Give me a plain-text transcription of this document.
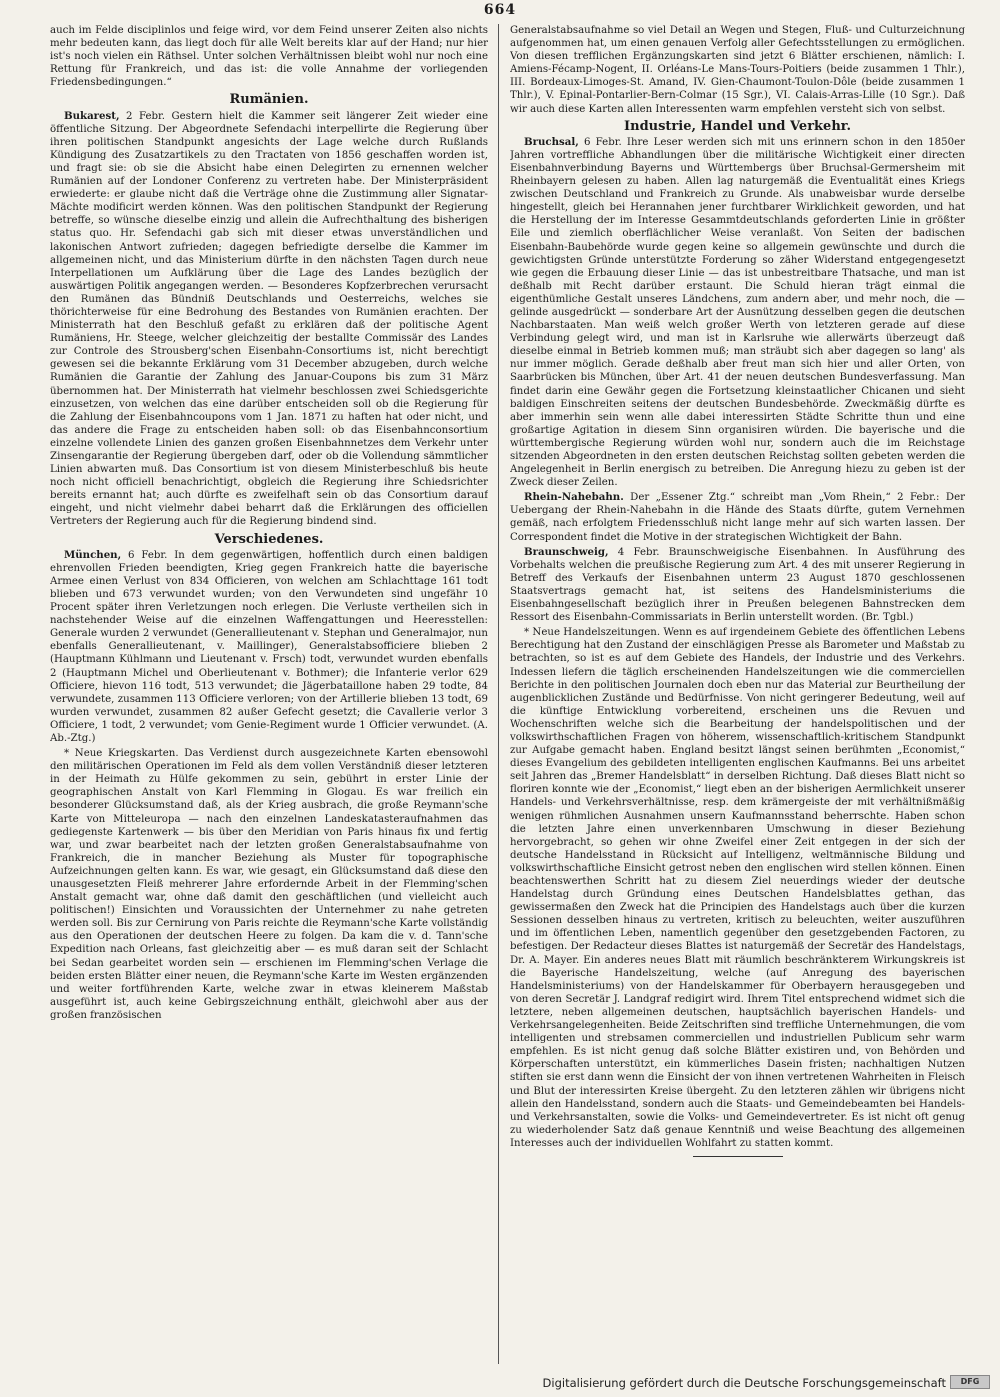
664

auch im Felde disciplinlos und feige wird, vor dem Feind unserer Zeiten also nichts mehr bedeuten kann, das liegt doch für alle Welt bereits klar auf der Hand; nur hier ist's noch vielen ein Räthsel. Unter solchen Verhältnissen bleibt wohl nur noch eine Rettung für Frankreich, und das ist: die volle Annahme der vorliegenden Friedensbedingungen.“

Rumänien.

Bukarest, 2 Febr. Gestern hielt die Kammer seit längerer Zeit wieder eine öffentliche Sitzung. Der Abgeordnete Sefendachi interpellirte die Regierung über ihren politischen Standpunkt angesichts der Lage welche durch Rußlands Kündigung des Zusatzartikels zu den Tractaten von 1856 geschaffen worden ist, und fragt sie: ob sie die Absicht habe einen Delegirten zu ernennen welcher Rumänien auf der Londoner Conferenz zu vertreten habe. Der Ministerpräsident erwiederte: er glaube nicht daß die Verträge ohne die Zustimmung aller Signatar-Mächte modificirt werden können. Was den politischen Standpunkt der Regierung betreffe, so wünsche dieselbe einzig und allein die Aufrechthaltung des bisherigen status quo. Hr. Sefendachi gab sich mit dieser etwas unverständlichen und lakonischen Antwort zufrieden; dagegen befriedigte derselbe die Kammer im allgemeinen nicht, und das Ministerium dürfte in den nächsten Tagen durch neue Interpellationen um Aufklärung über die Lage des Landes bezüglich der auswärtigen Politik angegangen werden. — Besonderes Kopfzerbrechen verursacht den Rumänen das Bündniß Deutschlands und Oesterreichs, welches sie thörichterweise für eine Bedrohung des Bestandes von Rumänien erachten. Der Ministerrath hat den Beschluß gefaßt zu erklären daß der politische Agent Rumäniens, Hr. Steege, welcher gleichzeitig der bestallte Commissär des Landes zur Controle des Strousberg'schen Eisenbahn-Consortiums ist, nicht berechtigt gewesen sei die bekannte Erklärung vom 31 December abzugeben, durch welche Rumänien die Garantie der Zahlung des Januar-Coupons bis zum 31 März übernommen hat. Der Ministerrath hat vielmehr beschlossen zwei Schiedsgerichte einzusetzen, von welchen das eine darüber entscheiden soll ob die Regierung für die Zahlung der Eisenbahncoupons vom 1 Jan. 1871 zu haften hat oder nicht, und das andere die Frage zu entscheiden haben soll: ob das Eisenbahnconsortium einzelne vollendete Linien des ganzen großen Eisenbahnnetzes dem Verkehr unter Zinsengarantie der Regierung übergeben darf, oder ob die Vollendung sämmtlicher Linien abwarten muß. Das Consortium ist von diesem Ministerbeschluß bis heute noch nicht officiell benachrichtigt, obgleich die Regierung ihre Schiedsrichter bereits ernannt hat; auch dürfte es zweifelhaft sein ob das Consortium darauf eingeht, und nicht vielmehr dabei beharrt daß die Erklärungen des officiellen Vertreters der Regierung auch für die Regierung bindend sind.

Verschiedenes.

München, 6 Febr. In dem gegenwärtigen, hoffentlich durch einen baldigen ehrenvollen Frieden beendigten, Krieg gegen Frankreich hatte die bayerische Armee einen Verlust von 834 Officieren, von welchen am Schlachttage 161 todt blieben und 673 verwundet wurden; von den Verwundeten sind ungefähr 10 Procent später ihren Verletzungen noch erlegen. Die Verluste vertheilen sich in nachstehender Weise auf die einzelnen Waffengattungen und Heeresstellen: Generale wurden 2 verwundet (Generallieutenant v. Stephan und Generalmajor, nun ebenfalls Generallieutenant, v. Maillinger), Generalstabsofficiere blieben 2 (Hauptmann Kühlmann und Lieutenant v. Frsch) todt, verwundet wurden ebenfalls 2 (Hauptmann Michel und Oberlieutenant v. Bothmer); die Infanterie verlor 629 Officiere, hievon 116 todt, 513 verwundet; die Jägerbataillone haben 29 todte, 84 verwundete, zusammen 113 Officiere verloren; von der Artillerie blieben 13 todt, 69 wurden verwundet, zusammen 82 außer Gefecht gesetzt; die Cavallerie verlor 3 Officiere, 1 todt, 2 verwundet; vom Genie-Regiment wurde 1 Officier verwundet. (A. Ab.-Ztg.)

* Neue Kriegskarten. Das Verdienst durch ausgezeichnete Karten ebensowohl den militärischen Operationen im Feld als dem vollen Verständniß dieser letzteren in der Heimath zu Hülfe gekommen zu sein, gebührt in erster Linie der geographischen Anstalt von Karl Flemming in Glogau. Es war freilich ein besonderer Glücksumstand daß, als der Krieg ausbrach, die große Reymann'sche Karte von Mitteleuropa — nach den einzelnen Landeskatasteraufnahmen das gediegenste Kartenwerk — bis über den Meridian von Paris hinaus fix und fertig war, und zwar bearbeitet nach der letzten großen Generalstabsaufnahme von Frankreich, die in mancher Beziehung als Muster für topographische Aufzeichnungen gelten kann. Es war, wie gesagt, ein Glücksumstand daß diese den unausgesetzten Fleiß mehrerer Jahre erfordernde Arbeit in der Flemming'schen Anstalt gemacht war, ohne daß damit den geschäftlichen (und vielleicht auch politischen!) Einsichten und Voraussichten der Unternehmer zu nahe getreten werden soll. Bis zur Cernirung von Paris reichte die Reymann'sche Karte vollständig aus den Operationen der deutschen Heere zu folgen. Da kam die v. d. Tann'sche Expedition nach Orleans, fast gleichzeitig aber — es muß daran seit der Schlacht bei Sedan gearbeitet worden sein — erschienen im Flemming'schen Verlage die beiden ersten Blätter einer neuen, die Reymann'sche Karte im Westen ergänzenden und weiter fortführenden Karte, welche zwar in etwas kleinerem Maßstab ausgeführt ist, auch keine Gebirgszeichnung enthält, gleichwohl aber aus der großen französischen

Generalstabsaufnahme so viel Detail an Wegen und Stegen, Fluß- und Culturzeichnung aufgenommen hat, um einen genauen Verfolg aller Gefechtsstellungen zu ermöglichen. Von diesen trefflichen Ergänzungskarten sind jetzt 6 Blätter erschienen, nämlich: I. Amiens-Fécamp-Nogent, II. Orléans-Le Mans-Tours-Poitiers (beide zusammen 1 Thlr.), III. Bordeaux-Limoges-St. Amand, IV. Gien-Chaumont-Toulon-Dôle (beide zusammen 1 Thlr.), V. Epinal-Pontarlier-Bern-Colmar (15 Sgr.), VI. Calais-Arras-Lille (10 Sgr.). Daß wir auch diese Karten allen Interessenten warm empfehlen versteht sich von selbst.

Industrie, Handel und Verkehr.

Bruchsal, 6 Febr. Ihre Leser werden sich mit uns erinnern schon in den 1850er Jahren vortreffliche Abhandlungen über die militärische Wichtigkeit einer directen Eisenbahnverbindung Bayerns und Württembergs über Bruchsal-Germersheim mit Rheinbayern gelesen zu haben. Allen lag naturgemäß die Eventualität eines Kriegs zwischen Deutschland und Frankreich zu Grunde. Als unabweisbar wurde derselbe hingestellt, gleich bei Herannahen jener furchtbarer Wirklichkeit geworden, und hat die Herstellung der im Interesse Gesammtdeutschlands geforderten Linie in größter Eile und ziemlich oberflächlicher Weise veranlaßt. Von Seiten der badischen Eisenbahn-Baubehörde wurde gegen keine so allgemein gewünschte und durch die gewichtigsten Gründe unterstützte Forderung so zäher Widerstand entgegengesetzt wie gegen die Erbauung dieser Linie — das ist unbestreitbare Thatsache, und man ist deßhalb mit Recht darüber erstaunt. Die Schuld hieran trägt einmal die eigenthümliche Gestalt unseres Ländchens, zum andern aber, und mehr noch, die — gelinde ausgedrückt — sonderbare Art der Ausnützung desselben gegen die deutschen Nachbarstaaten. Man weiß welch großer Werth von letzteren gerade auf diese Verbindung gelegt wird, und man ist in Karlsruhe wie allerwärts überzeugt daß dieselbe einmal in Betrieb kommen muß; man sträubt sich aber dagegen so lang' als nur immer möglich. Gerade deßhalb aber freut man sich hier und aller Orten, von Saarbrücken bis München, über Art. 41 der neuen deutschen Bundesverfassung. Man findet darin eine Gewähr gegen die Fortsetzung kleinstaatlicher Chicanen und sieht baldigen Einschreiten seitens der deutschen Bundesbehörde. Zweckmäßig dürfte es aber immerhin sein wenn alle dabei interessirten Städte Schritte thun und eine großartige Agitation in diesem Sinn organisiren würden. Die bayerische und die württembergische Regierung würden wohl nur, sondern auch die im Reichstage sitzenden Abgeordneten in den ersten deutschen Reichstag sollten gebeten werden die Angelegenheit in Berlin energisch zu betreiben. Die Anregung hiezu zu geben ist der Zweck dieser Zeilen.

Rhein-Nahebahn. Der „Essener Ztg.“ schreibt man „Vom Rhein,“ 2 Febr.: Der Uebergang der Rhein-Nahebahn in die Hände des Staats dürfte, gutem Vernehmen gemäß, nach erfolgtem Friedensschluß nicht lange mehr auf sich warten lassen. Der Correspondent findet die Motive in der strategischen Wichtigkeit der Bahn.

Braunschweig, 4 Febr. Braunschweigische Eisenbahnen. In Ausführung des Vorbehalts welchen die preußische Regierung zum Art. 4 des mit unserer Regierung in Betreff des Verkaufs der Eisenbahnen unterm 23 August 1870 geschlossenen Staatsvertrags gemacht hat, ist seitens des Handelsministeriums die Eisenbahngesellschaft bezüglich ihrer in Preußen belegenen Bahnstrecken dem Ressort des Eisenbahn-Commissariats in Berlin unterstellt worden. (Br. Tgbl.)

* Neue Handelszeitungen. Wenn es auf irgendeinem Gebiete des öffentlichen Lebens Berechtigung hat den Zustand der einschlägigen Presse als Barometer und Maßstab zu betrachten, so ist es auf dem Gebiete des Handels, der Industrie und des Verkehrs. Indessen liefern die täglich erscheinenden Handelszeitungen wie die commerciellen Berichte in den politischen Journalen doch eben nur das Material zur Beurtheilung der augenblicklichen Zustände und Bedürfnisse. Von nicht geringerer Bedeutung, weil auf die künftige Entwicklung vorbereitend, erscheinen uns die Revuen und Wochenschriften welche sich die Bearbeitung der handelspolitischen und der volkswirthschaftlichen Fragen von höherem, wissenschaftlich-kritischem Standpunkt zur Aufgabe gemacht haben. England besitzt längst seinen berühmten „Economist,“ dieses Evangelium des gebildeten intelligenten englischen Kaufmanns. Bei uns arbeitet seit Jahren das „Bremer Handelsblatt“ in derselben Richtung. Daß dieses Blatt nicht so floriren konnte wie der „Economist,“ liegt eben an der bisherigen Aermlichkeit unserer Handels- und Verkehrsverhältnisse, resp. dem krämergeiste der mit verhältnißmäßig wenigen rühmlichen Ausnahmen unsern Kaufmannsstand beherrschte. Haben schon die letzten Jahre einen unverkennbaren Umschwung in dieser Beziehung hervorgebracht, so gehen wir ohne Zweifel einer Zeit entgegen in der sich der deutsche Handelsstand in Rücksicht auf Intelligenz, weltmännische Bildung und volkswirthschaftliche Einsicht getrost neben den englischen wird stellen können. Einen beachtenswerthen Schritt hat zu diesem Ziel neuerdings wieder der deutsche Handelstag durch Gründung eines Deutschen Handelsblattes gethan, das gewissermaßen den Zweck hat die Principien des Handelstags auch über die kurzen Sessionen desselben hinaus zu vertreten, kritisch zu beleuchten, weiter auszuführen und im öffentlichen Leben, namentlich gegenüber den gesetzgebenden Factoren, zu befestigen. Der Redacteur dieses Blattes ist naturgemäß der Secretär des Handelstags, Dr. A. Mayer. Ein anderes neues Blatt mit räumlich beschränkterem Wirkungskreis ist die Bayerische Handelszeitung, welche (auf Anregung des bayerischen Handelsministeriums) von der Handelskammer für Oberbayern herausgegeben und von deren Secretär J. Landgraf redigirt wird. Ihrem Titel entsprechend widmet sich die letztere, neben allgemeinen deutschen, hauptsächlich bayerischen Handels- und Verkehrsangelegenheiten. Beide Zeitschriften sind treffliche Unternehmungen, die vom intelligenten und strebsamen commerciellen und industriellen Publicum sehr warm empfehlen. Es ist nicht genug daß solche Blätter existiren und, von Behörden und Körperschaften unterstützt, ein kümmerliches Dasein fristen; nachhaltigen Nutzen stiften sie erst dann wenn die Einsicht der von ihnen vertretenen Wahrheiten in Fleisch und Blut der interessirten Kreise übergeht. Zu den letzteren zählen wir übrigens nicht allein den Handelsstand, sondern auch die Staats- und Gemeindebeamten bei Handels- und Verkehrsanstalten, sowie die Volks- und Gemeindevertreter. Es ist nicht oft genug zu wiederholender Satz daß genaue Kenntniß und weise Beachtung des allgemeinen Interesses auch der individuellen Wohlfahrt zu statten kommt.

Digitalisierung gefördert durch die Deutsche Forschungsgemeinschaft	DFG
